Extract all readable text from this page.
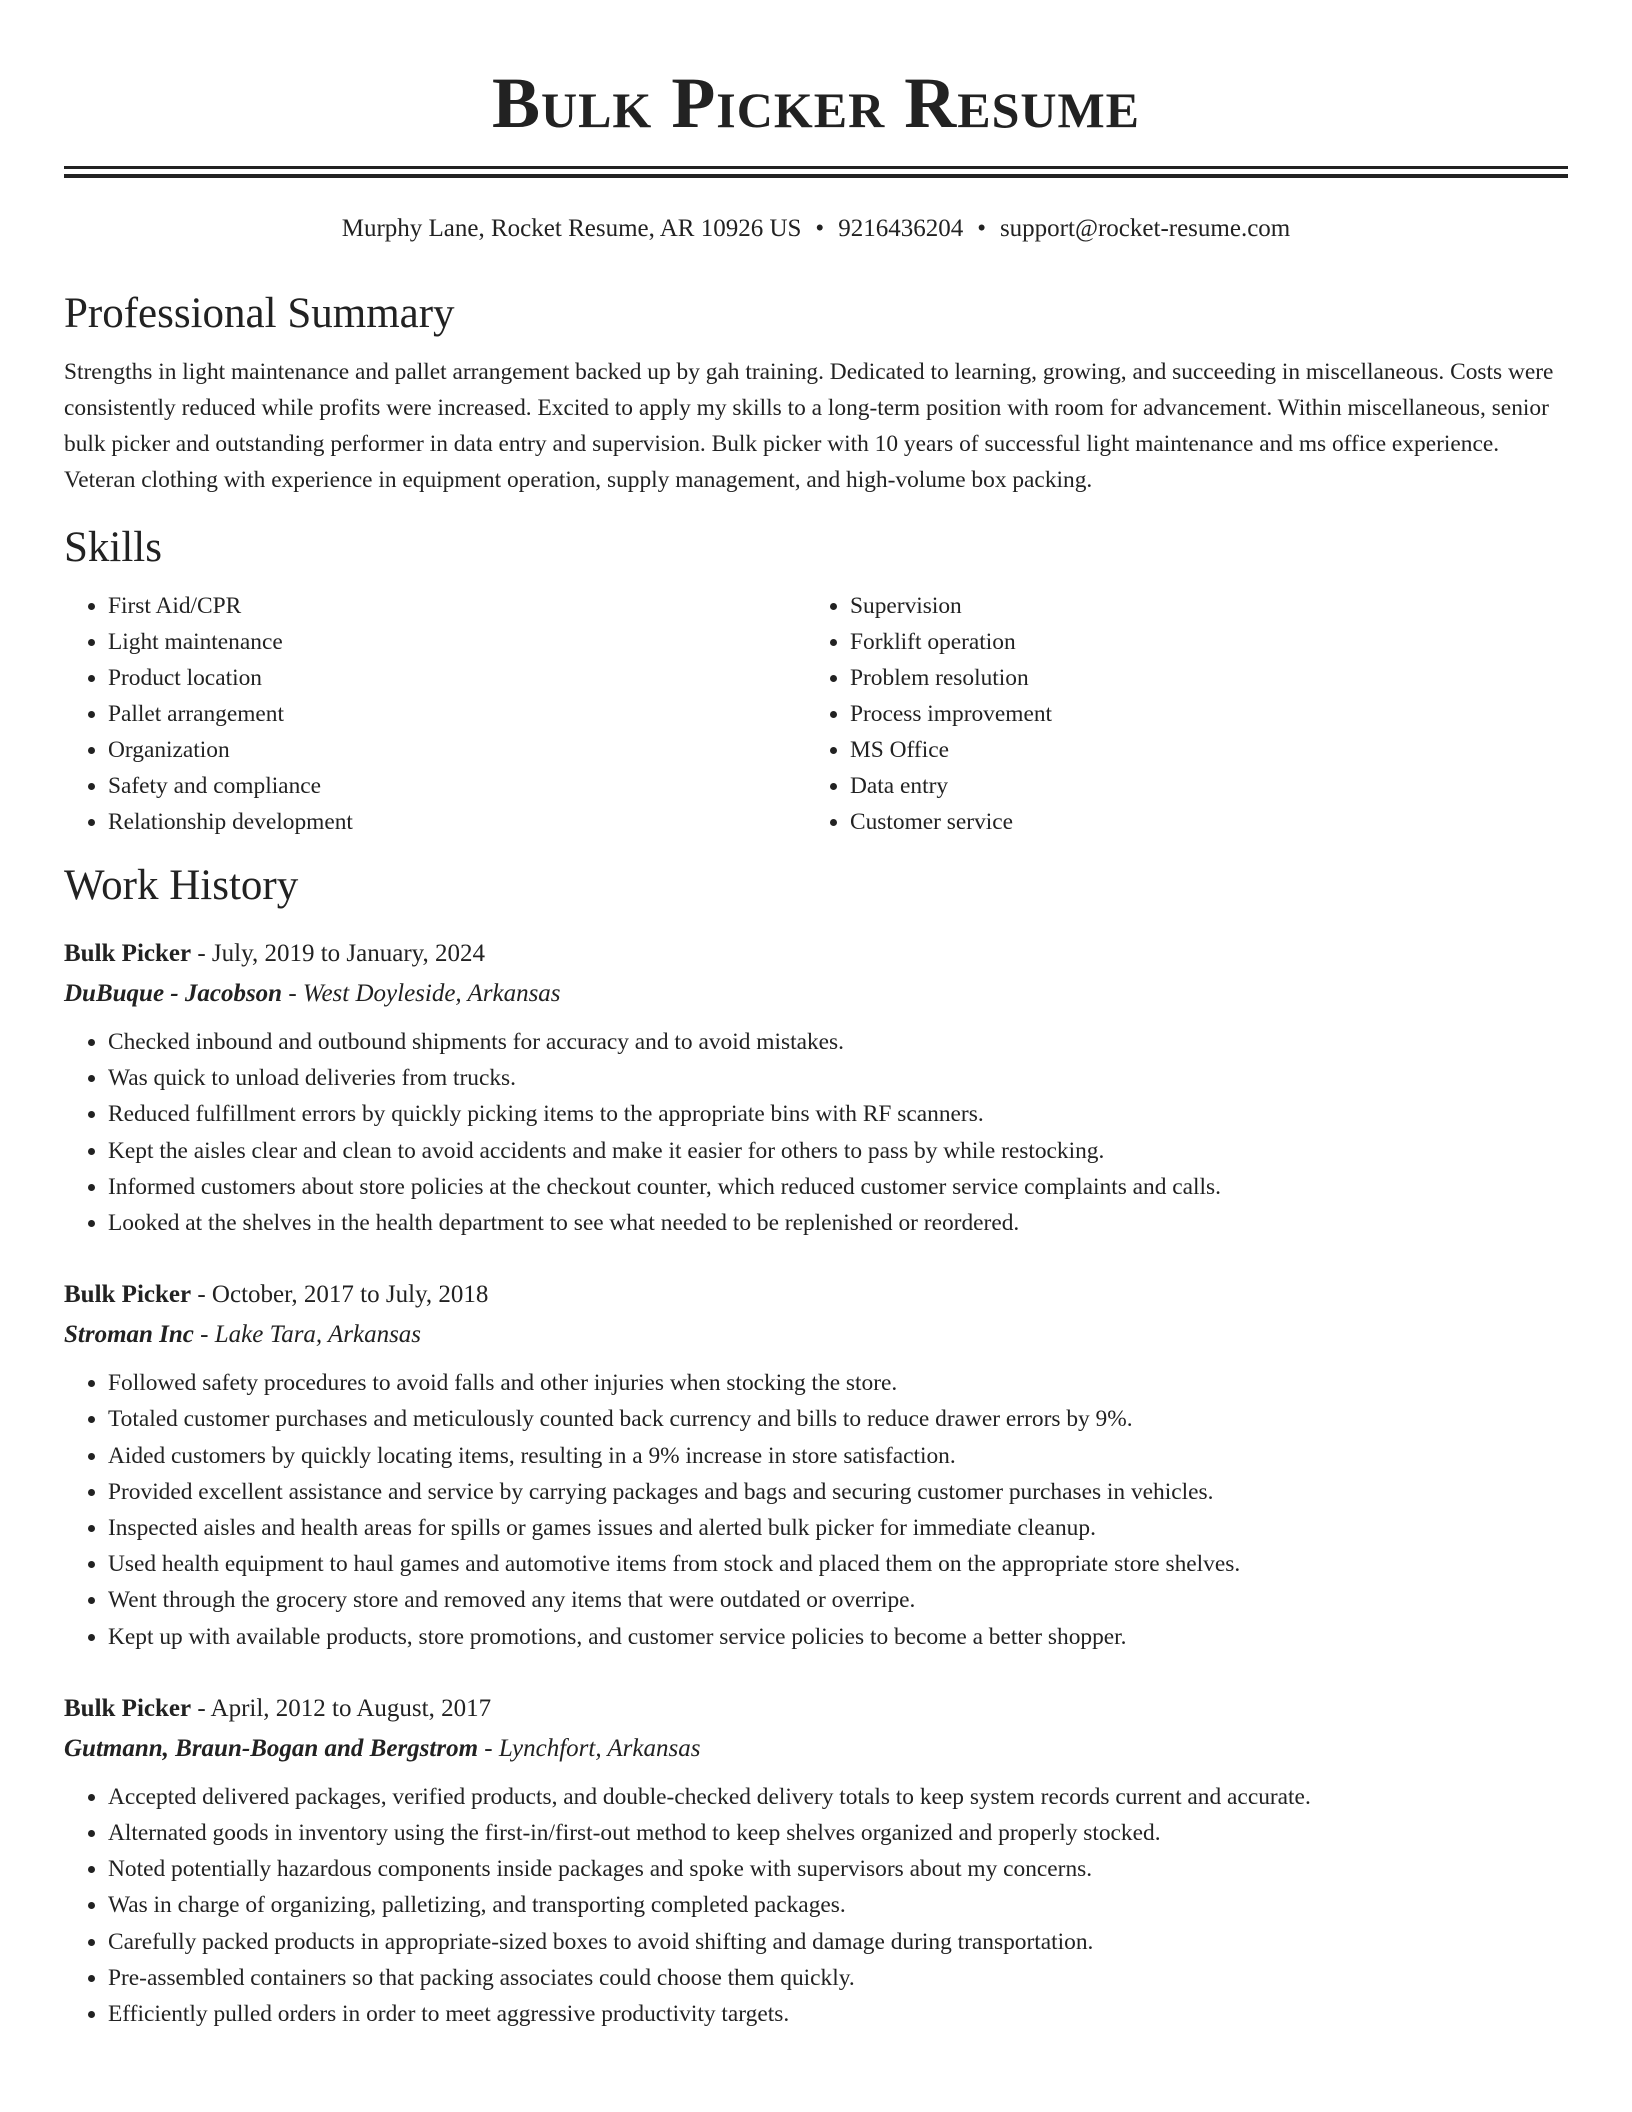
Bulk Picker Resume
Murphy Lane, Rocket Resume, AR 10926 US • 9216436204 • support@rocket-resume.com
Professional Summary

Strengths in light maintenance and pallet arrangement backed up by gah training. Dedicated to learning, growing, and succeeding in miscellaneous. Costs were consistently reduced while profits were increased. Excited to apply my skills to a long-term position with room for advancement. Within miscellaneous, senior bulk picker and outstanding performer in data entry and supervision. Bulk picker with 10 years of successful light maintenance and ms office experience. Veteran clothing with experience in equipment operation, supply management, and high-volume box packing.

Skills
• First Aid/CPR
• Light maintenance
• Product location
• Pallet arrangement
• Organization
• Safety and compliance
• Relationship development
• Supervision
• Forklift operation
• Problem resolution
• Process improvement
• MS Office
• Data entry
• Customer service
Work History
Bulk Picker - July, 2019 to January, 2024
DuBuque - Jacobson - West Doyleside, Arkansas
• Checked inbound and outbound shipments for accuracy and to avoid mistakes.
• Was quick to unload deliveries from trucks.
• Reduced fulfillment errors by quickly picking items to the appropriate bins with RF scanners.
• Kept the aisles clear and clean to avoid accidents and make it easier for others to pass by while restocking.
• Informed customers about store policies at the checkout counter, which reduced customer service complaints and calls.
• Looked at the shelves in the health department to see what needed to be replenished or reordered.
Bulk Picker - October, 2017 to July, 2018
Stroman Inc - Lake Tara, Arkansas
• Followed safety procedures to avoid falls and other injuries when stocking the store.
• Totaled customer purchases and meticulously counted back currency and bills to reduce drawer errors by 9%.
• Aided customers by quickly locating items, resulting in a 9% increase in store satisfaction.
• Provided excellent assistance and service by carrying packages and bags and securing customer purchases in vehicles.
• Inspected aisles and health areas for spills or games issues and alerted bulk picker for immediate cleanup.
• Used health equipment to haul games and automotive items from stock and placed them on the appropriate store shelves.
• Went through the grocery store and removed any items that were outdated or overripe.
• Kept up with available products, store promotions, and customer service policies to become a better shopper.
Bulk Picker - April, 2012 to August, 2017
Gutmann, Braun-Bogan and Bergstrom - Lynchfort, Arkansas
• Accepted delivered packages, verified products, and double-checked delivery totals to keep system records current and accurate.
• Alternated goods in inventory using the first-in/first-out method to keep shelves organized and properly stocked.
• Noted potentially hazardous components inside packages and spoke with supervisors about my concerns.
• Was in charge of organizing, palletizing, and transporting completed packages.
• Carefully packed products in appropriate-sized boxes to avoid shifting and damage during transportation.
• Pre-assembled containers so that packing associates could choose them quickly.
• Efficiently pulled orders in order to meet aggressive productivity targets.
